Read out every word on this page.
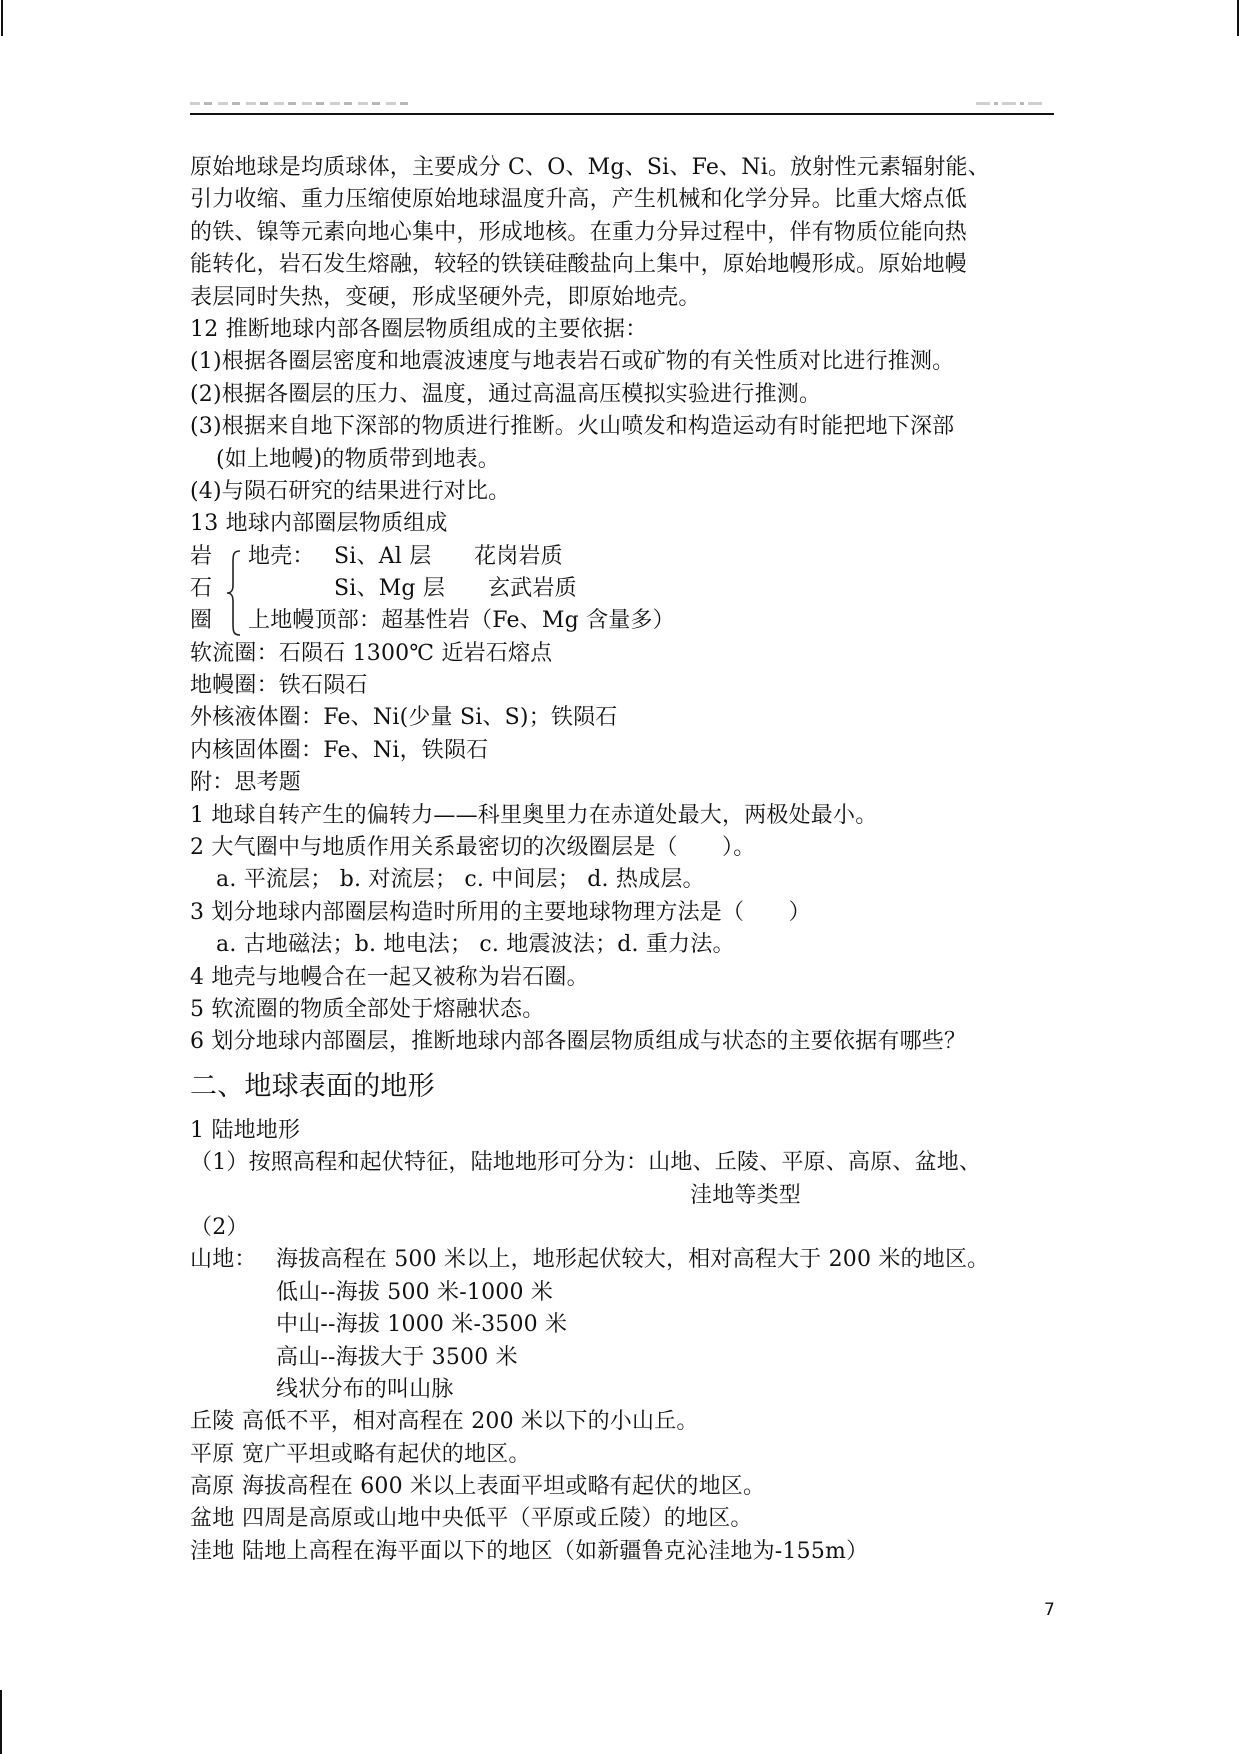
原始地球是均质球体，主要成分 C、O、Mg、Si、Fe、Ni。放射性元素辐射能、
引力收缩、重力压缩使原始地球温度升高，产生机械和化学分异。比重大熔点低
的铁、镍等元素向地心集中，形成地核。在重力分异过程中，伴有物质位能向热
能转化，岩石发生熔融，较轻的铁镁硅酸盐向上集中，原始地幔形成。原始地幔
表层同时失热，变硬，形成坚硬外壳，即原始地壳。
12 推断地球内部各圈层物质组成的主要依据：
(1)根据各圈层密度和地震波速度与地表岩石或矿物的有关性质对比进行推测。
(2)根据各圈层的压力、温度，通过高温高压模拟实验进行推测。
(3)根据来自地下深部的物质进行推断。火山喷发和构造运动有时能把地下深部
(如上地幔)的物质带到地表。
(4)与陨石研究的结果进行对比。
13 地球内部圈层物质组成
岩
石
圈
地壳： Si、Al 层 花岗岩质
Si、Mg 层 玄武岩质
上地幔顶部：超基性岩（Fe、Mg 含量多）
软流圈：石陨石 1300℃ 近岩石熔点
地幔圈：铁石陨石
外核液体圈：Fe、Ni(少量 Si、S)；铁陨石
内核固体圈：Fe、Ni，铁陨石
附：思考题
1 地球自转产生的偏转力——科里奥里力在赤道处最大，两极处最小。
2 大气圈中与地质作用关系最密切的次级圈层是（　　）。
a. 平流层； b. 对流层； c. 中间层； d. 热成层。
3 划分地球内部圈层构造时所用的主要地球物理方法是（　　）
a. 古地磁法；b. 地电法； c. 地震波法；d. 重力法。
4 地壳与地幔合在一起又被称为岩石圈。
5 软流圈的物质全部处于熔融状态。
6 划分地球内部圈层，推断地球内部各圈层物质组成与状态的主要依据有哪些？
二、地球表面的地形
1 陆地地形
（1）按照高程和起伏特征，陆地地形可分为：山地、丘陵、平原、高原、盆地、
洼地等类型
（2）
山地： 海拔高程在 500 米以上，地形起伏较大，相对高程大于 200 米的地区。
低山--海拔 500 米-1000 米
中山--海拔 1000 米-3500 米
高山--海拔大于 3500 米
线状分布的叫山脉
丘陵 高低不平，相对高程在 200 米以下的小山丘。
平原 宽广平坦或略有起伏的地区。
高原 海拔高程在 600 米以上表面平坦或略有起伏的地区。
盆地 四周是高原或山地中央低平（平原或丘陵）的地区。
洼地 陆地上高程在海平面以下的地区（如新疆鲁克沁洼地为-155m）
7
